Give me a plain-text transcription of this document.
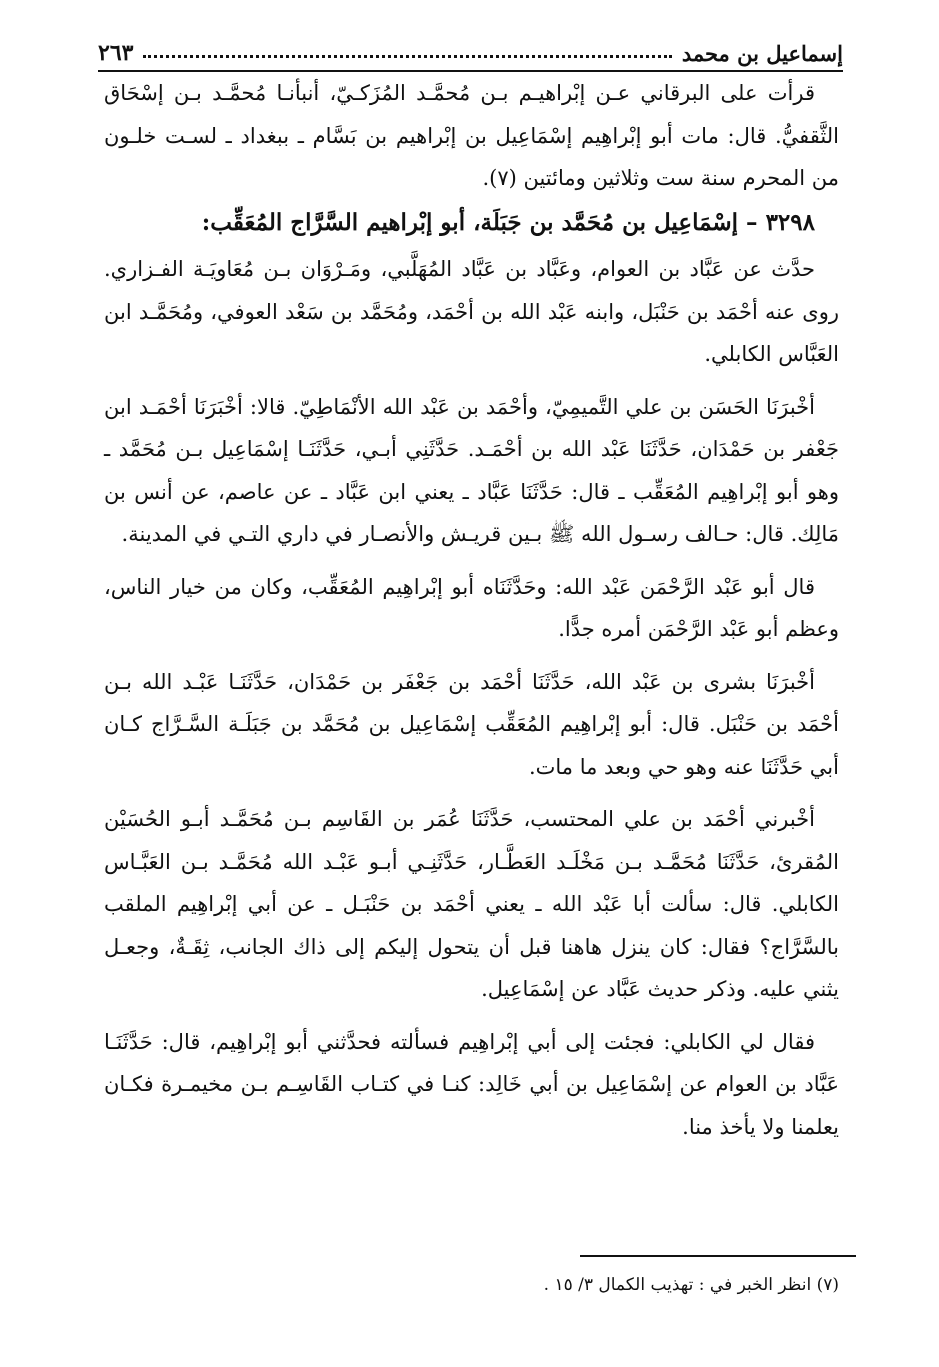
إسماعيل بن محمد
٢٦٣

قرأت على البرقاني عـن إبْراهيـم بـن مُحمَّـد المُزَكـيّ، أنبأنـا مُحمَّـد بـن إسْحَاق الثَّقفيُّ. قال: مات أبو إبْراهِيم إسْمَاعِيل بن إبْراهيم بن بَسَّام ـ ببغداد ـ لسـت خلـون من المحرم سنة ست وثلاثين ومائتين (٧).

٣٢٩٨ – إسْمَاعِيل بن مُحَمَّد بن جَبَلَة، أبو إبْراهيم السَّرَّاج المُعَقِّب:

حدَّث عن عَبَّاد بن العوام، وعَبَّاد بن عَبَّاد المُهَلَّبي، ومَـرْوَان بـن مُعَاويَـة الفـزاري. روى عنه أحْمَد بن حَنْبَل، وابنه عَبْد الله بن أحْمَد، ومُحَمَّد بن سَعْد العوفي، ومُحَمَّـد ابن العَبَّاس الكابلي.

أخْبرَنَا الحَسَن بن علي التَّميمِيّ، وأحْمَد بن عَبْد الله الأنْمَاطِيّ. قالا: أخْبَرَنَا أحْمَـد ابن جَعْفر بن حَمْدَان، حَدَّثَنَا عَبْد الله بن أحْمَـد. حَدَّثَنِي أبـي، حَدَّثَنَـا إسْمَاعِيل بـن مُحَمَّد ـ وهو أبو إبْراهِيم المُعَقِّب ـ قال: حَدَّثَنَا عَبَّاد ـ يعني ابن عَبَّاد ـ عن عاصم، عن أنس بن مَالِك. قال: حـالف رسـول الله ﷺ بـين قريـش والأنصـار في داري التـي في المدينة.

قال أبو عَبْد الرَّحْمَن عَبْد الله: وحَدَّثَنَاه أبو إبْراهِيم المُعَقِّب، وكان من خيار الناس، وعظم أبو عَبْد الرَّحْمَن أمره جدًّا.

أخْبرَنَا بشرى بن عَبْد الله، حَدَّثَنَا أحْمَد بن جَعْفَر بن حَمْدَان، حَدَّثَنَـا عَبْـد الله بـن أحْمَد بن حَنْبَل. قال: أبو إبْراهِيم المُعَقِّب إسْمَاعِيل بن مُحَمَّد بن جَبَلَـة السَّـرَّاج كـان أبي حَدَّثَنَا عنه وهو حي وبعد ما مات.

أخْبرني أحْمَد بن علي المحتسب، حَدَّثَنَا عُمَر بن القَاسِم بـن مُحَمَّـد أبـو الحُسَيْن المُقرئ، حَدَّثَنَا مُحَمَّـد بـن مَخْلَـد العَطَّـار، حَدَّثَنِـي أبـو عَبْـد الله مُحَمَّـد بـن العَبَّـاس الكابلي. قال: سألت أبا عَبْد الله ـ يعني أحْمَد بن حَنْبَـل ـ عن أبي إبْراهِيم الملقب بالسَّرَّاج؟ فقال: كان ينزل هاهنا قبل أن يتحول إليكم إلى ذاك الجانب، ثِقَـةٌ، وجعـل يثني عليه. وذكر حديث عَبَّاد عن إسْمَاعِيل.

فقال لي الكابلي: فجئت إلى أبي إبْراهِيم فسألته فحدَّثني أبو إبْراهِيم، قال: حَدَّثَنَـا عَبَّاد بن العوام عن إسْمَاعِيل بن أبي خَالِد: كنـا في كتـاب القَاسِـم بـن مخيمـرة فكـان يعلمنا ولا يأخذ منا.

(٧) انظر الخبر في : تهذيب الكمال ٣/ ١٥ .
